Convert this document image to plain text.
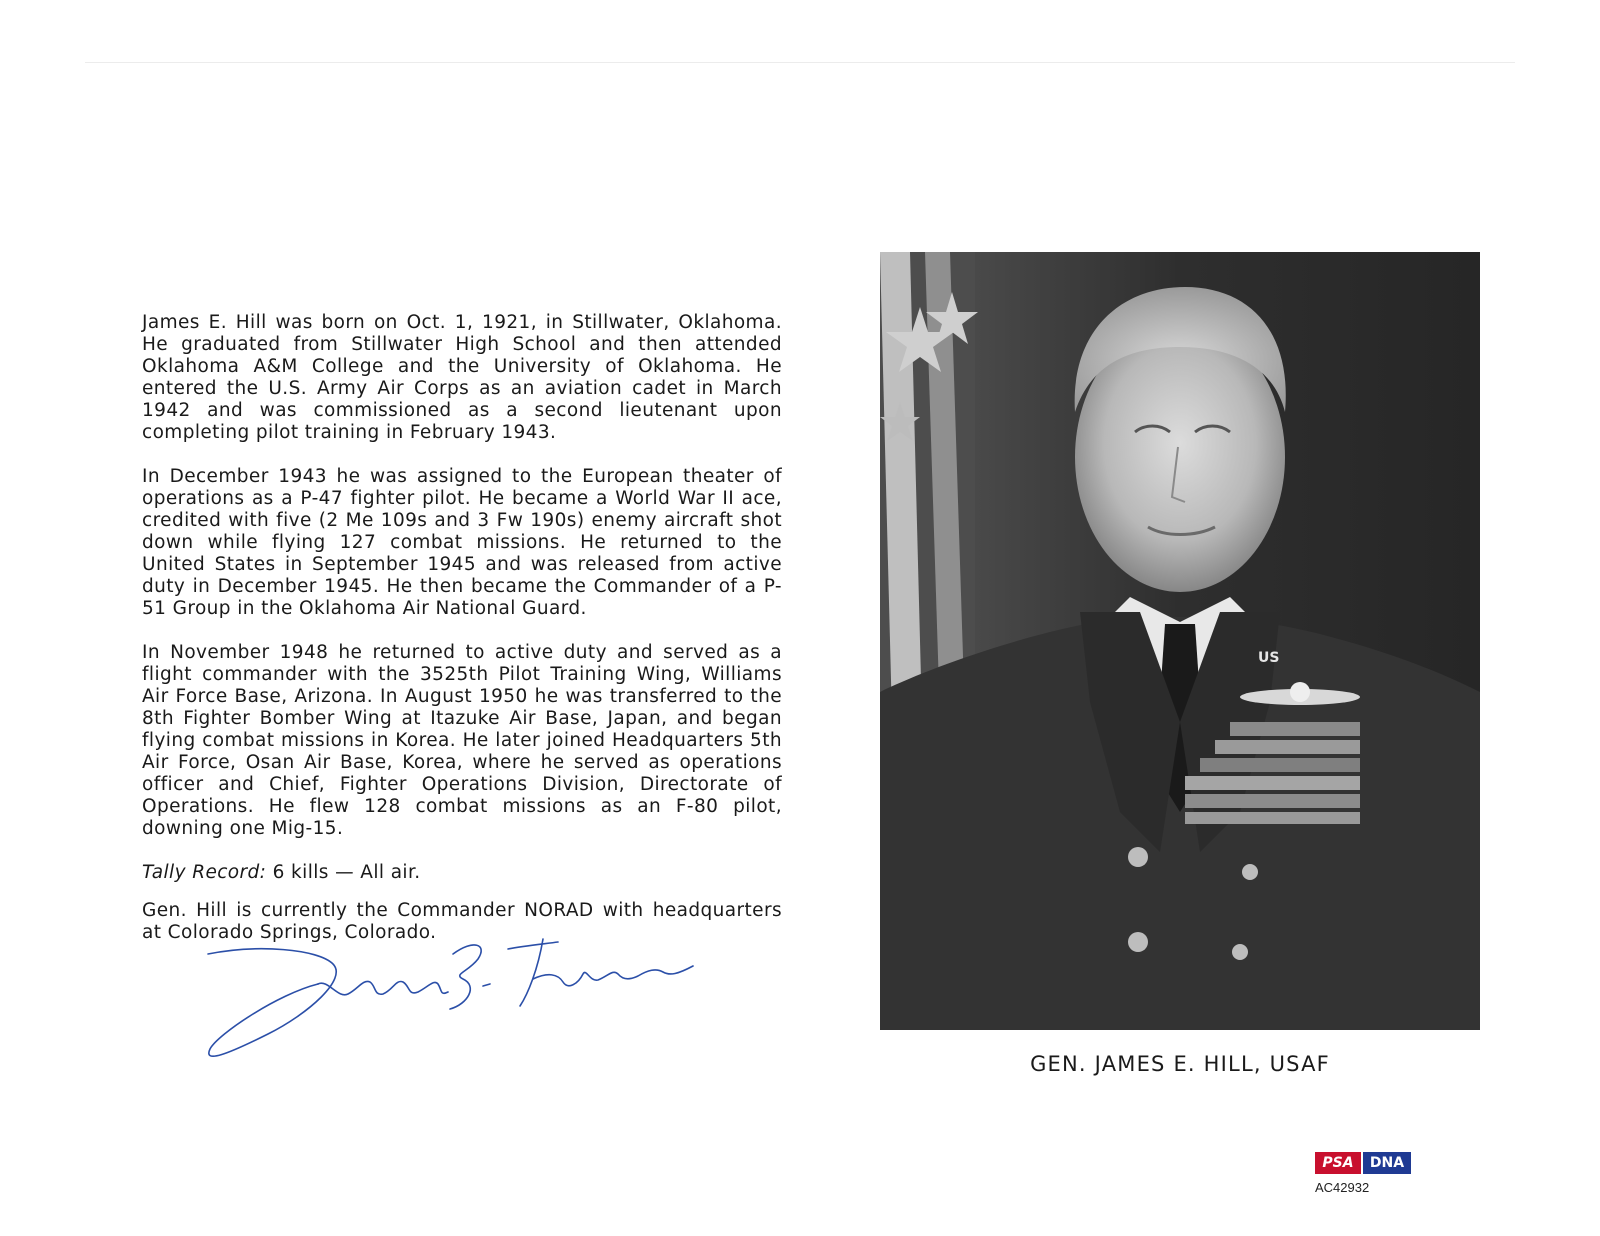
James E. Hill was born on Oct. 1, 1921, in Stillwater, Oklahoma. He graduated from Stillwater High School and then attended Oklahoma A&M College and the University of Oklahoma. He entered the U.S. Army Air Corps as an aviation cadet in March 1942 and was commissioned as a second lieutenant upon completing pilot training in February 1943.

In December 1943 he was assigned to the European theater of operations as a P-47 fighter pilot. He became a World War II ace, credited with five (2 Me 109s and 3 Fw 190s) enemy aircraft shot down while flying 127 combat missions. He returned to the United States in September 1945 and was released from active duty in December 1945. He then became the Commander of a P-51 Group in the Oklahoma Air National Guard.

In November 1948 he returned to active duty and served as a flight commander with the 3525th Pilot Training Wing, Williams Air Force Base, Arizona. In August 1950 he was transferred to the 8th Fighter Bomber Wing at Itazuke Air Base, Japan, and began flying combat missions in Korea. He later joined Headquarters 5th Air Force, Osan Air Base, Korea, where he served as operations officer and Chief, Fighter Operations Division, Directorate of Operations. He flew 128 combat missions as an F-80 pilot, downing one Mig-15.

Tally Record: 6 kills — All air.

Gen. Hill is currently the Commander NORAD with headquarters at Colorado Springs, Colorado.

US
GEN. JAMES E. HILL, USAF
PSA	DNA
AC42932
